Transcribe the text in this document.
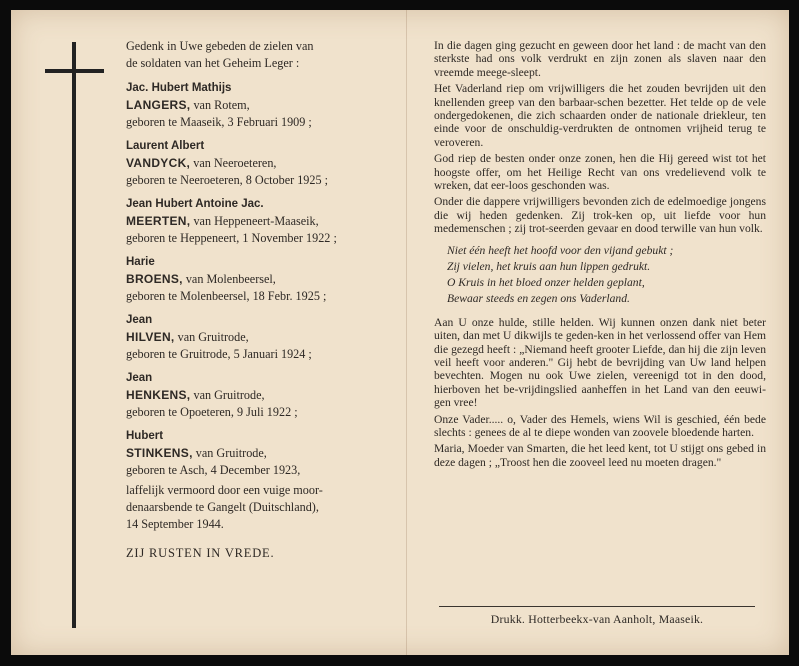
Gedenk in Uwe gebeden de zielen van

de soldaten van het Geheim Leger :

Jac. Hubert Mathijs

LANGERS, van Rotem,

geboren te Maaseik, 3 Februari 1909 ;

Laurent Albert

VANDYCK, van Neeroeteren,

geboren te Neeroeteren, 8 October 1925 ;

Jean Hubert Antoine Jac.

MEERTEN, van Heppeneert-Maaseik,

geboren te Heppeneert, 1 November 1922 ;

Harie

BROENS, van Molenbeersel,

geboren te Molenbeersel, 18 Febr. 1925 ;

Jean

HILVEN, van Gruitrode,

geboren te Gruitrode, 5 Januari 1924 ;

Jean

HENKENS, van Gruitrode,

geboren te Opoeteren, 9 Juli 1922 ;

Hubert

STINKENS, van Gruitrode,

geboren te Asch, 4 December 1923,

laffelijk vermoord door een vuige moor-

denaarsbende te Gangelt (Duitschland),

14 September 1944.

ZIJ RUSTEN IN VREDE.

In die dagen ging gezucht en geween door het land : de macht van den sterkste had ons volk verdrukt en zijn zonen als slaven naar den vreemde meege-sleept.

Het Vaderland riep om vrijwilligers die het zouden bevrijden uit den knellenden greep van den barbaar-schen bezetter. Het telde op de vele ondergedokenen, die zich schaarden onder de nationale driekleur, ten einde voor de onschuldig-verdrukten de ontnomen vrijheid terug te veroveren.

God riep de besten onder onze zonen, hen die Hij gereed wist tot het hoogste offer, om het Heilige Recht van ons vredelievend volk te wreken, dat eer-loos geschonden was.

Onder die dappere vrijwilligers bevonden zich de edelmoedige jongens die wij heden gedenken. Zij trok-ken op, uit liefde voor hun medemenschen ; zij trot-seerden gevaar en dood terwille van hun volk.

Niet één heeft het hoofd voor den vijand gebukt ;

Zij vielen, het kruis aan hun lippen gedrukt.

O Kruis in het bloed onzer helden geplant,

Bewaar steeds en zegen ons Vaderland.

Aan U onze hulde, stille helden. Wij kunnen onzen dank niet beter uiten, dan met U dikwijls te geden-ken in het verlossend offer van Hem die gezegd heeft : „Niemand heeft grooter Liefde, dan hij die zijn leven veil heeft voor anderen." Gij hebt de bevrijding van Uw land helpen bevechten. Mogen nu ook Uwe zielen, vereenigd tot in den dood, hierboven het be-vrijdingslied aanheffen in het Land van den eeuwi-gen vree!

Onze Vader..... o, Vader des Hemels, wiens Wil is geschied, één bede slechts : genees de al te diepe wonden van zoovele bloedende harten.

Maria, Moeder van Smarten, die het leed kent, tot U stijgt ons gebed in deze dagen ; „Troost hen die zooveel leed nu moeten dragen."

Drukk. Hotterbeekx-van Aanholt, Maaseik.
